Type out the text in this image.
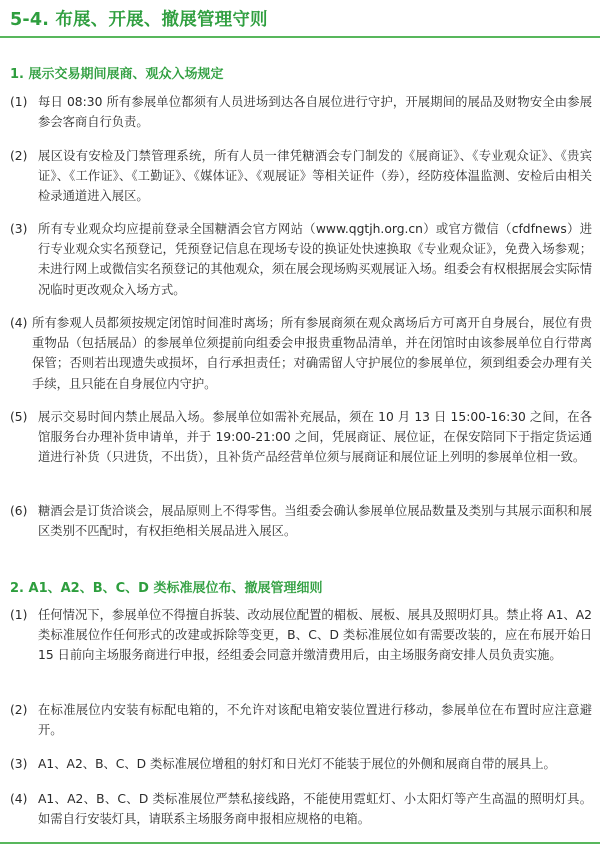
5-4. 布展、开展、撤展管理守则
1. 展示交易期间展商、观众入场规定
(1) 每日 08:30 所有参展单位都须有人员进场到达各自展位进行守护，开展期间的展品及财物安全由参展参会客商自行负责。
(2) 展区设有安检及门禁管理系统，所有人员一律凭糖酒会专门制发的《展商证》、《专业观众证》、《贵宾证》、《工作证》、《工勤证》、《媒体证》、《观展证》等相关证件（券），经防疫体温监测、安检后由相关检录通道进入展区。
(3) 所有专业观众均应提前登录全国糖酒会官方网站（www.qgtjh.org.cn）或官方微信（cfdfnews）进行专业观众实名预登记，凭预登记信息在现场专设的换证处快速换取《专业观众证》，免费入场参观；未进行网上或微信实名预登记的其他观众，须在展会现场购买观展证入场。组委会有权根据展会实际情况临时更改观众入场方式。
(4) 所有参观人员都须按规定闭馆时间准时离场；所有参展商须在观众离场后方可离开自身展台，展位有贵重物品（包括展品）的参展单位须提前向组委会申报贵重物品清单，并在闭馆时由该参展单位自行带离保管；否则若出现遗失或损坏，自行承担责任；对确需留人守护展位的参展单位，须到组委会办理有关手续，且只能在自身展位内守护。
(5) 展示交易时间内禁止展品入场。参展单位如需补充展品，须在 10 月 13 日 15:00-16:30 之间，在各馆服务台办理补货申请单，并于 19:00-21:00 之间，凭展商证、展位证，在保安陪同下于指定货运通道进行补货（只进货，不出货），且补货产品经营单位须与展商证和展位证上列明的参展单位相一致。
(6) 糖酒会是订货洽谈会，展品原则上不得零售。当组委会确认参展单位展品数量及类别与其展示面积和展区类别不匹配时，有权拒绝相关展品进入展区。
2. A1、A2、B、C、D 类标准展位布、撤展管理细则
(1) 任何情况下，参展单位不得擅自拆装、改动展位配置的楣板、展板、展具及照明灯具。禁止将 A1、A2 类标准展位作任何形式的改建或拆除等变更，B、C、D 类标准展位如有需要改装的，应在布展开始日 15 日前向主场服务商进行申报，经组委会同意并缴清费用后，由主场服务商安排人员负责实施。
(2) 在标准展位内安装有标配电箱的，不允许对该配电箱安装位置进行移动，参展单位在布置时应注意避开。
(3) A1、A2、B、C、D 类标准展位增租的射灯和日光灯不能装于展位的外侧和展商自带的展具上。
(4) A1、A2、B、C、D 类标准展位严禁私接线路，不能使用霓虹灯、小太阳灯等产生高温的照明灯具。如需自行安装灯具，请联系主场服务商申报相应规格的电箱。
